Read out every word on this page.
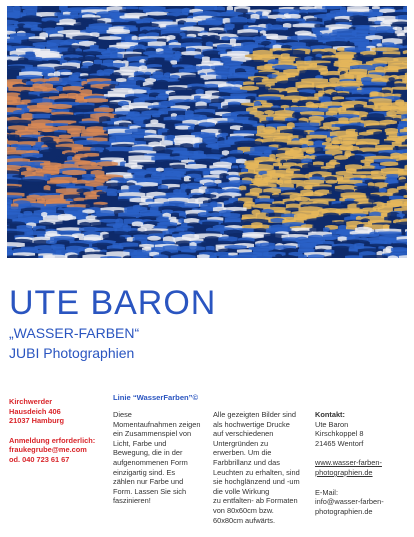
UTE BARON
„WASSER-FARBEN“
JUBI Photographien
Kirchwerder
Hausdeich 406
21037 Hamburg
Anmeldung erforderlich:
fraukegrube@me.com
od. 040 723 61 67
Linie “WasserFarben”©
Diese
Momentaufnahmen zeigen
ein Zusammenspiel von
Licht, Farbe und
Bewegung, die in der
aufgenommenen Form
einzigartig sind. Es
zählen nur Farbe und
Form. Lassen Sie sich
faszinieren!
Alle gezeigten Bilder sind
als hochwertige Drucke
auf verschiedenen
Untergründen zu
erwerben. Um die
Farbbrillanz und das
Leuchten zu erhalten, sind
sie hochglänzend und -um
die volle Wirkung
zu entfalten- ab Formaten
von 80x60cm bzw.
60x80cm aufwärts.
Kontakt:
Ute Baron
Kirschkoppel 8
21465 Wentorf
www.wasser-farben-
photographien.de
E-Mail:
info@wasser-farben-
photographien.de
